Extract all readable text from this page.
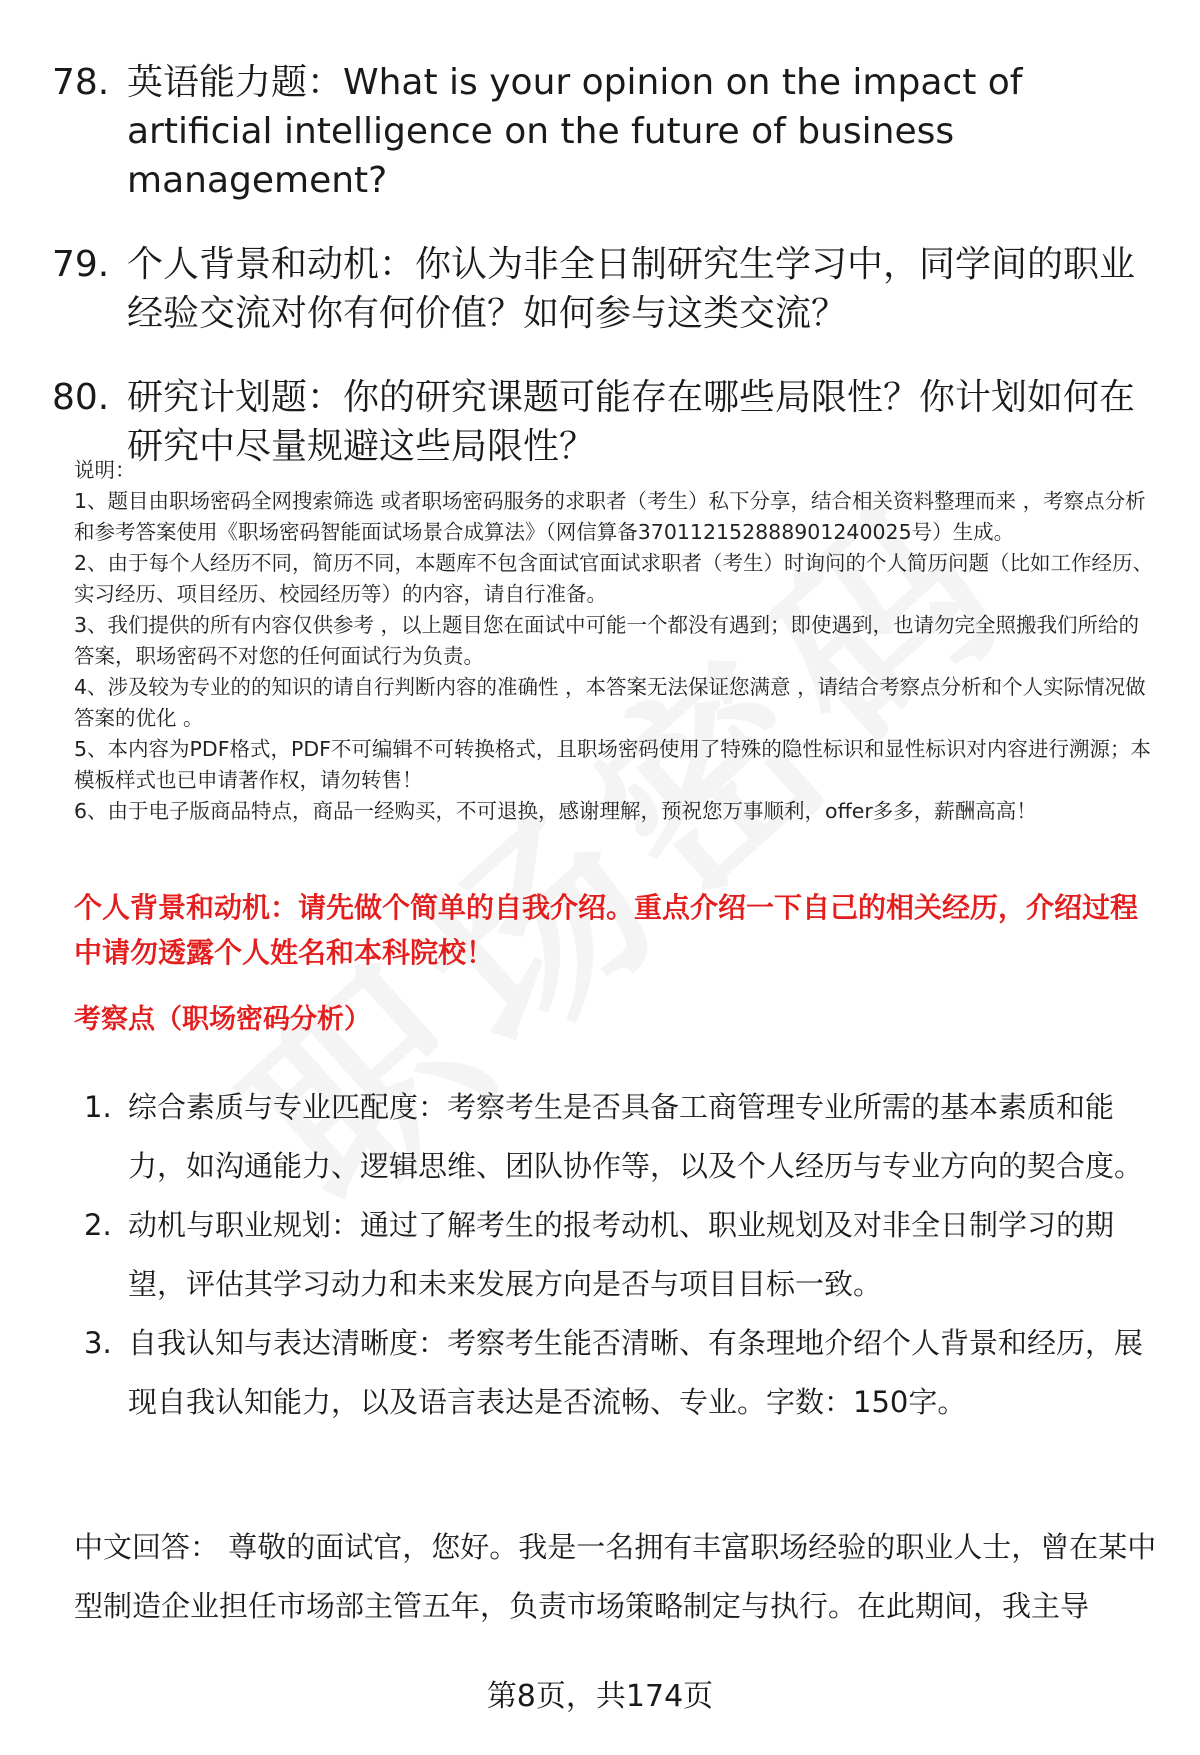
78. 英语能力题：What is your opinion on the impact of artificial intelligence on the future of business management?
79. 个人背景和动机：你认为非全日制研究生学习中，同学间的职业经验交流对你有何价值？如何参与这类交流？
80. 研究计划题：你的研究课题可能存在哪些局限性？你计划如何在研究中尽量规避这些局限性？

说明：

1、题目由职场密码全网搜索筛选 或者职场密码服务的求职者（考生）私下分享，结合相关资料整理而来 ，考察点分析和参考答案使用《职场密码智能面试场景合成算法》（网信算备370112152888901240025号）生成。

2、由于每个人经历不同，简历不同，本题库不包含面试官面试求职者（考生）时询问的个人简历问题（比如工作经历、实习经历、项目经历、校园经历等）的内容，请自行准备。

3、我们提供的所有内容仅供参考 ，以上题目您在面试中可能一个都没有遇到；即使遇到，也请勿完全照搬我们所给的答案，职场密码不对您的任何面试行为负责。

4、涉及较为专业的的知识的请自行判断内容的准确性 ，本答案无法保证您满意 ，请结合考察点分析和个人实际情况做答案的优化 。

5、本内容为PDF格式，PDF不可编辑不可转换格式，且职场密码使用了特殊的隐性标识和显性标识对内容进行溯源；本模板样式也已申请著作权，请勿转售！

6、由于电子版商品特点，商品一经购买，不可退换，感谢理解，预祝您万事顺利，offer多多，薪酬高高！

个人背景和动机：请先做个简单的自我介绍。重点介绍一下自己的相关经历，介绍过程中请勿透露个人姓名和本科院校！
考察点（职场密码分析）
1. 综合素质与专业匹配度：考察考生是否具备工商管理专业所需的基本素质和能力，如沟通能力、逻辑思维、团队协作等，以及个人经历与专业方向的契合度。
2. 动机与职业规划：通过了解考生的报考动机、职业规划及对非全日制学习的期望，评估其学习动力和未来发展方向是否与项目目标一致。
3. 自我认知与表达清晰度：考察考生能否清晰、有条理地介绍个人背景和经历，展现自我认知能力，以及语言表达是否流畅、专业。字数：150字。
中文回答： 尊敬的面试官，您好。我是一名拥有丰富职场经验的职业人士，曾在某中型制造企业担任市场部主管五年，负责市场策略制定与执行。在此期间，我主导
第8页，共174页
